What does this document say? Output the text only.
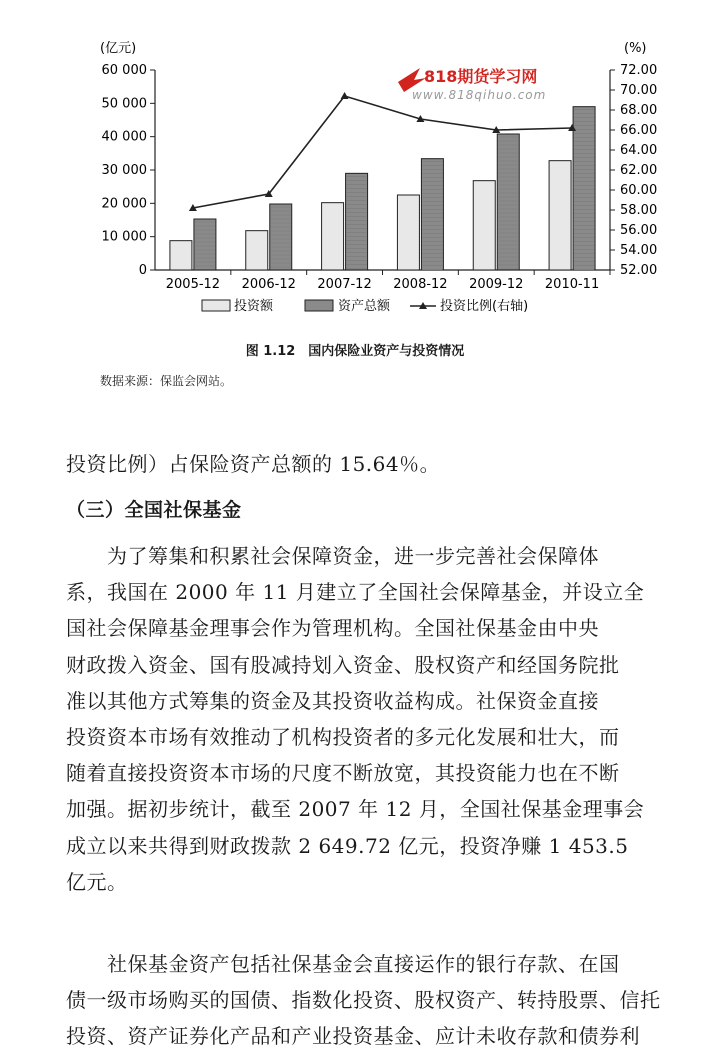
(亿元)	(%)
818期货学习网
www.818qihuo.com
0
10 000
20 000
30 000
40 000
50 000
60 000
52.00
54.00
56.00
58.00
60.00
62.00
64.00
66.00
68.00
70.00
72.00
2005-12 2006-12 2007-12 2008-12 2009-12 2010-11
投资额	资产总额	投资比例(右轴)
图 1.12　国内保险业资产与投资情况
数据来源：保监会网站。
投资比例）占保险资产总额的 15.64％。
（三）全国社保基金
　　为了筹集和积累社会保障资金，进一步完善社会保障体
系，我国在 2000 年 11 月建立了全国社会保障基金，并设立全
国社会保障基金理事会作为管理机构。全国社保基金由中央
财政拨入资金、国有股减持划入资金、股权资产和经国务院批
准以其他方式筹集的资金及其投资收益构成。社保资金直接
投资资本市场有效推动了机构投资者的多元化发展和壮大，而
随着直接投资资本市场的尺度不断放宽，其投资能力也在不断
加强。据初步统计，截至 2007 年 12 月，全国社保基金理事会
成立以来共得到财政拨款 2 649.72 亿元，投资净赚 1 453.5
亿元。
　　社保基金资产包括社保基金会直接运作的银行存款、在国
债一级市场购买的国债、指数化投资、股权资产、转持股票、信托
投资、资产证券化产品和产业投资基金、应计未收存款和债券利
